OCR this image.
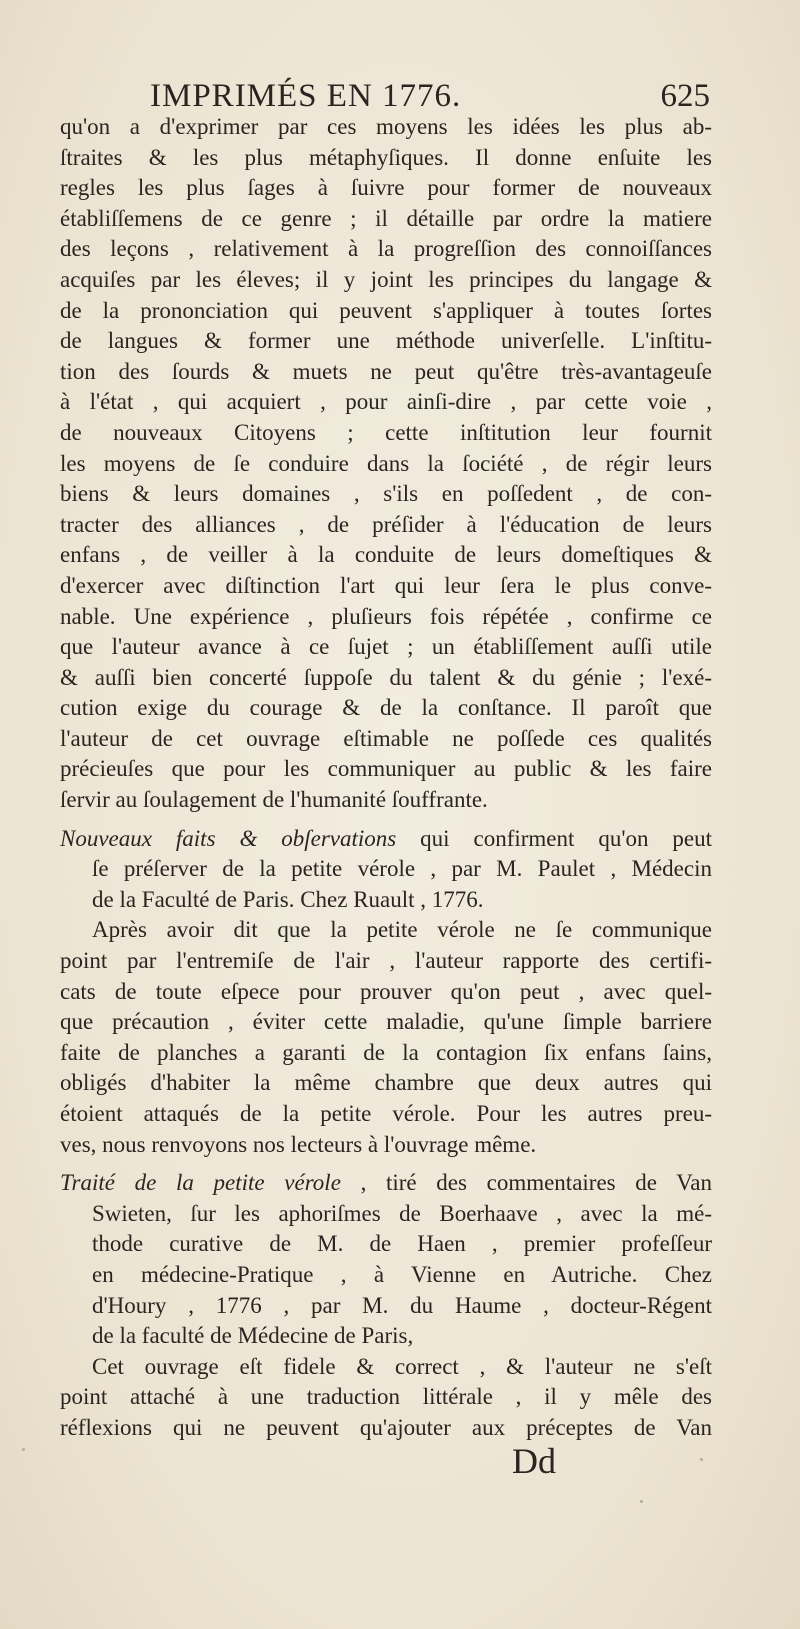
IMPRIMÉS EN 1776.	625
qu'on a d'exprimer par ces moyens les idées les plus ab-
ſtraites & les plus métaphyſiques. Il donne enſuite les
regles les plus ſages à ſuivre pour former de nouveaux
établiſſemens de ce genre ; il détaille par ordre la matiere
des leçons , relativement à la progreſſion des connoiſſances
acquiſes par les éleves; il y joint les principes du langage &
de la prononciation qui peuvent s'appliquer à toutes ſortes
de langues & former une méthode univerſelle. L'inſtitu-
tion des ſourds & muets ne peut qu'être très-avantageuſe
à l'état , qui acquiert , pour ainſi-dire , par cette voie ,
de nouveaux Citoyens ; cette inſtitution leur fournit
les moyens de ſe conduire dans la ſociété , de régir leurs
biens & leurs domaines , s'ils en poſſedent , de con-
tracter des alliances , de préſider à l'éducation de leurs
enfans , de veiller à la conduite de leurs domeſtiques &
d'exercer avec diſtinction l'art qui leur ſera le plus conve-
nable. Une expérience , pluſieurs fois répétée , confirme ce
que l'auteur avance à ce ſujet ; un établiſſement auſſi utile
& auſſi bien concerté ſuppoſe du talent & du génie ; l'exé-
cution exige du courage & de la conſtance. Il paroît que
l'auteur de cet ouvrage eſtimable ne poſſede ces qualités
précieuſes que pour les communiquer au public & les faire
ſervir au ſoulagement de l'humanité ſouffrante.
Nouveaux faits & obſervations qui confirment qu'on peut
ſe préſerver de la petite vérole , par M. Paulet , Médecin
de la Faculté de Paris. Chez Ruault , 1776.
Après avoir dit que la petite vérole ne ſe communique
point par l'entremiſe de l'air , l'auteur rapporte des certifi-
cats de toute eſpece pour prouver qu'on peut , avec quel-
que précaution , éviter cette maladie, qu'une ſimple barriere
faite de planches a garanti de la contagion ſix enfans ſains,
obligés d'habiter la même chambre que deux autres qui
étoient attaqués de la petite vérole. Pour les autres preu-
ves, nous renvoyons nos lecteurs à l'ouvrage même.
Traité de la petite vérole , tiré des commentaires de Van
Swieten, ſur les aphoriſmes de Boerhaave , avec la mé-
thode curative de M. de Haen , premier profeſſeur
en médecine-Pratique , à Vienne en Autriche. Chez
d'Houry , 1776 , par M. du Haume , docteur-Régent
de la faculté de Médecine de Paris,
Cet ouvrage eſt fidele & correct , & l'auteur ne s'eſt
point attaché à une traduction littérale , il y mêle des
réflexions qui ne peuvent qu'ajouter aux préceptes de Van
Dd
